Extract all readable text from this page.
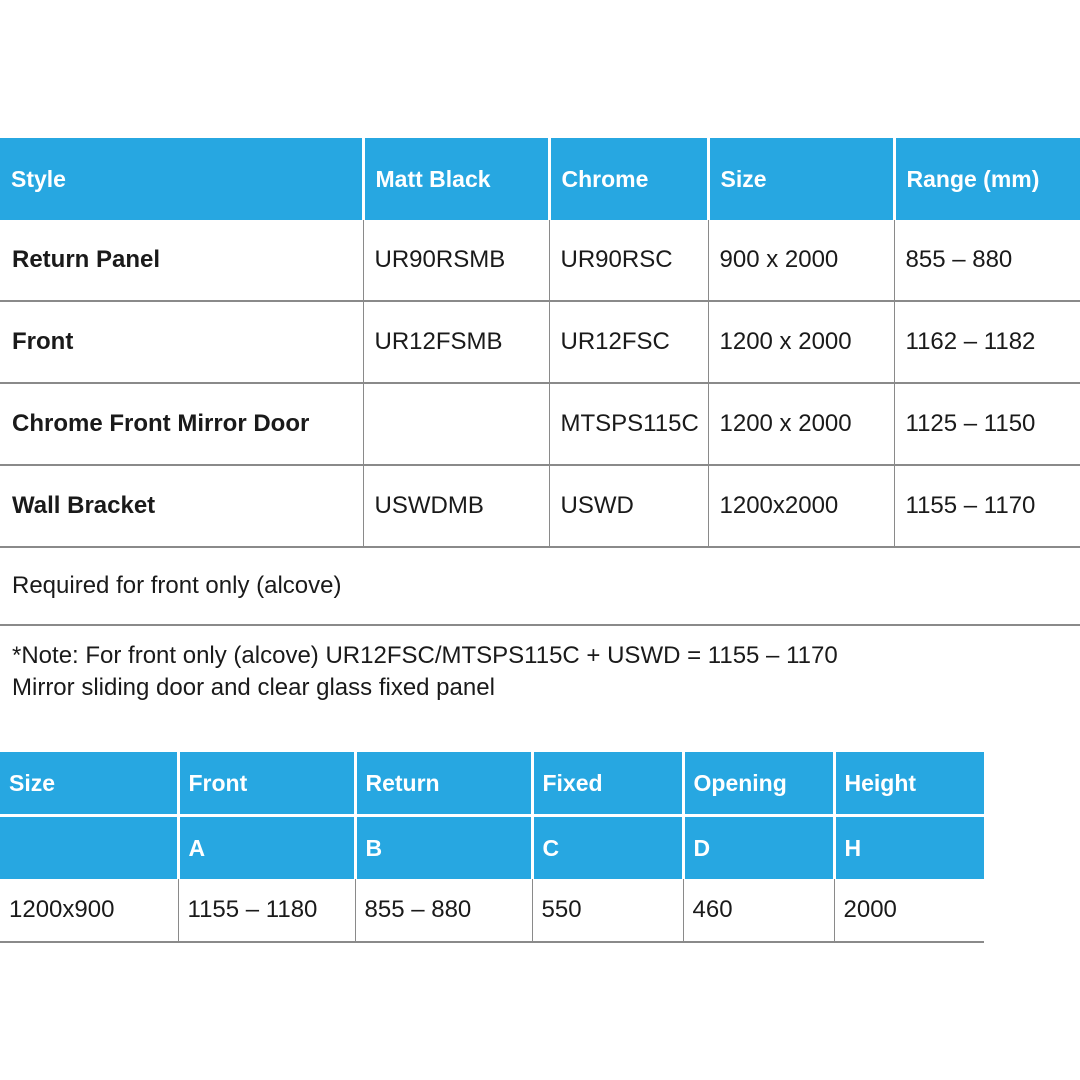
Style	Matt Black	Chrome	Size	Range (mm)
Return Panel	UR90RSMB	UR90RSC	900 x 2000	855 – 880
Front	UR12FSMB	UR12FSC	1200 x 2000	1162 – 1182
Chrome Front Mirror Door		MTSPS115C	1200 x 2000	1125 – 1150
Wall Bracket	USWDMB	USWD	1200x2000	1155 – 1170
Required for front only (alcove)
*Note: For front only (alcove) UR12FSC/MTSPS115C + USWD = 1155 – 1170
Mirror sliding door and clear glass fixed panel
Size	Front	Return	Fixed	Opening	Height
	A	B	C	D	H
1200x900	1155 – 1180	855 – 880	550	460	2000
